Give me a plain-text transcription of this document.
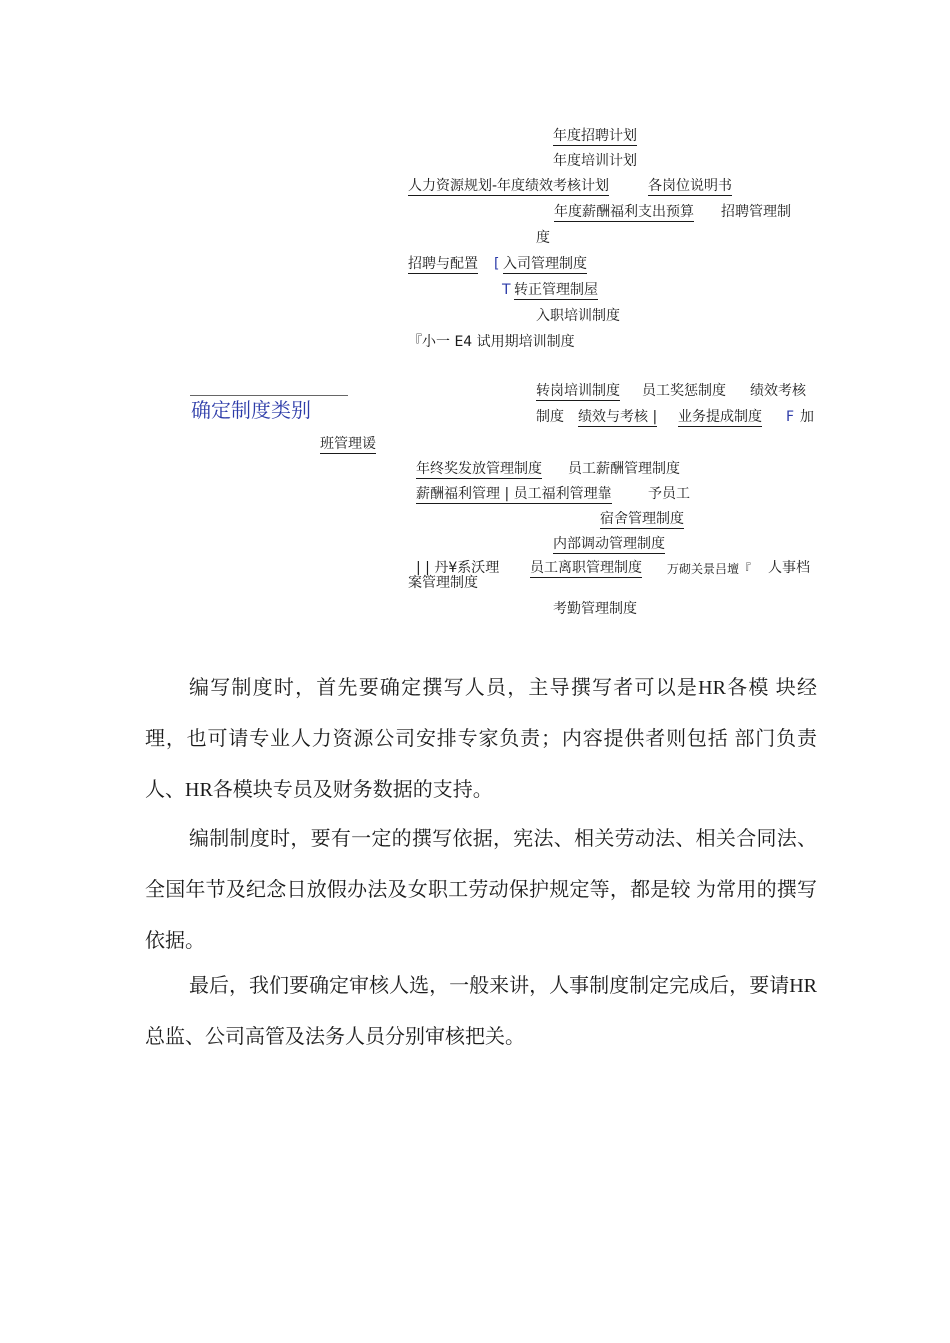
年度招聘计划
年度培训计划
人力资源规划-年度绩效考核计划	各岗位说明书
年度薪酬福利支出预算 招聘管理制
度
招聘与配置 [ 入司管理制度
T 转正管理制屋
入职培训制度
『小一 E4 试用期培训制度
确定制度类别
转岗培训制度 员工奖惩制度 绩效考核
制度 绩效与考核 | 业务提成制度 F 加
班管理谖
年终奖发放管理制度 员工薪酬管理制度
薪酬福利管理 | 员工福利管理靠	予员工
宿舍管理制度
内部调动管理制度
| | 丹¥系沃理 员工离职管理制度 万砌关景吕壇『 人事档
案管理制度
考勤管理制度

编写制度时，首先要确定撰写人员，主导撰写者可以是HR各模 块经理，也可请专业人力资源公司安排专家负责；内容提供者则包括 部门负责人、HR各模块专员及财务数据的支持。

编制制度时，要有一定的撰写依据，宪法、相关劳动法、相关合同法、全国年节及纪念日放假办法及女职工劳动保护规定等，都是较 为常用的撰写依据。

最后，我们要确定审核人选，一般来讲，人事制度制定完成后，要请HR总监、公司高管及法务人员分别审核把关。
